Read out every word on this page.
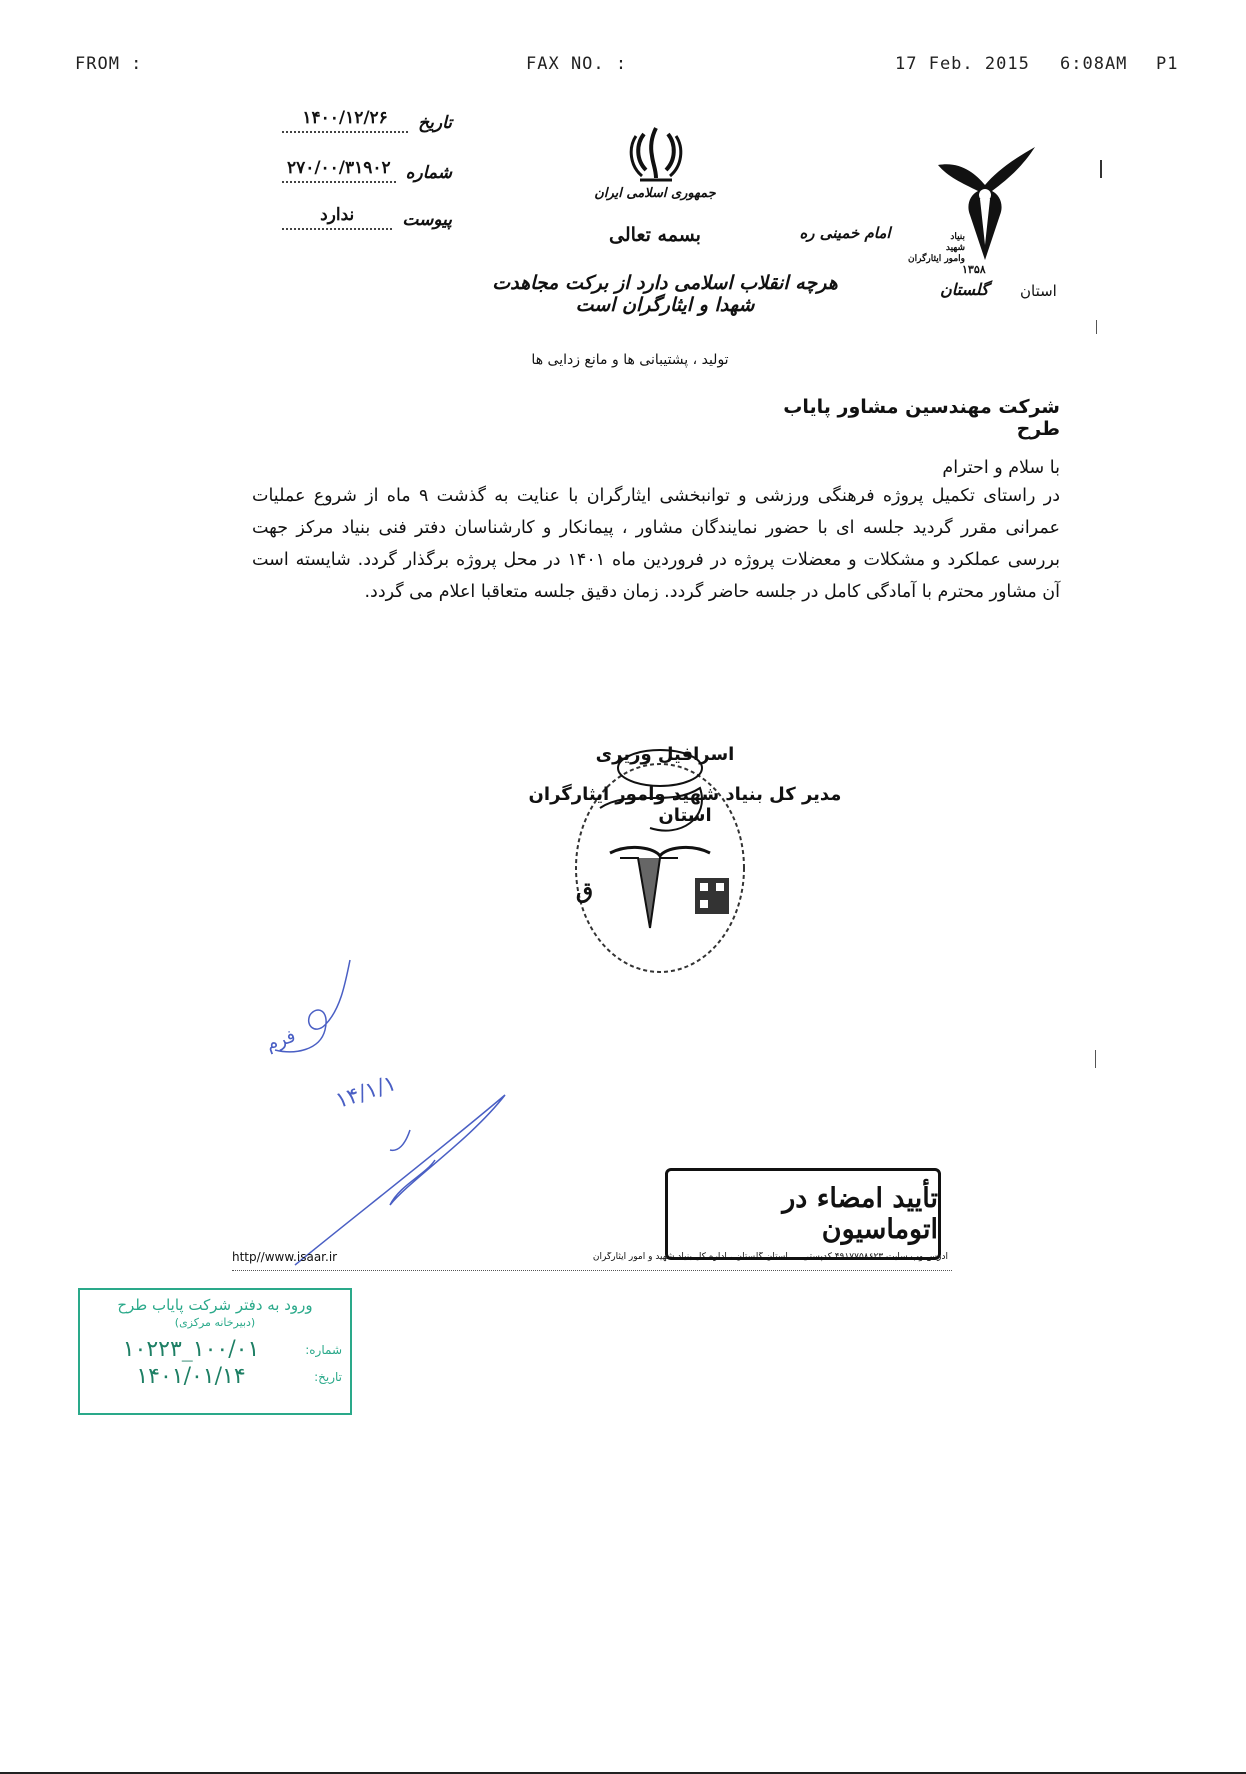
FROM :	FAX NO. :	17 Feb. 2015 6:08AM P1
تاریخ
۱۴۰۰/۱۲/۲۶
شماره
۲۷۰/۰۰/۳۱۹۰۲
پیوست
ندارد
جمهوری اسلامی ایران
بسمه تعالی	امام خمینی ره
هرچه انقلاب اسلامی دارد از برکت مجاهدت شهدا و ایثارگران است
بنیاد
شهید
وامور ایثارگران
۱۳۵۸
گلستان استان
تولید ، پشتیبانی ها و مانع زدایی ها
شرکت مهندسین مشاور پایاب طرح
با سلام و احترام
در راستای تکمیل پروژه فرهنگی ورزشی و توانبخشی ایثارگران با عنایت به گذشت ۹ ماه از شروع عملیات عمرانی مقرر گردید جلسه ای با حضور نمایندگان مشاور ، پیمانکار و کارشناسان دفتر فنی بنیاد مرکز جهت بررسی عملکرد و مشکلات و معضلات پروژه در فروردین ماه ۱۴۰۱ در محل پروژه برگذار گردد. شایسته است آن مشاور محترم با آمادگی کامل در جلسه حاضر گردد. زمان دقیق جلسه متعاقبا اعلام می گردد.
ق
اسرافیل وزیری
مدیر کل بنیاد شهید وامور ایثارگران استان
فرم
۱۴/۱/۱
تأیید امضاء در اتوماسیون
http//www.isaar.ir	آدرس وب سایت ۴۹۱۷۷۵۸۶۲۳ کدپستی ... استان گلستان ، اداره کل بنیاد شهید و امور ایثارگران
ورود به دفتر شرکت پایاب طرح
(دبیرخانه مرکزی)
شماره:
۱۰۰/۰۱_۱۰۲۲۳
تاریخ:
۱۴۰۱/۰۱/۱۴
